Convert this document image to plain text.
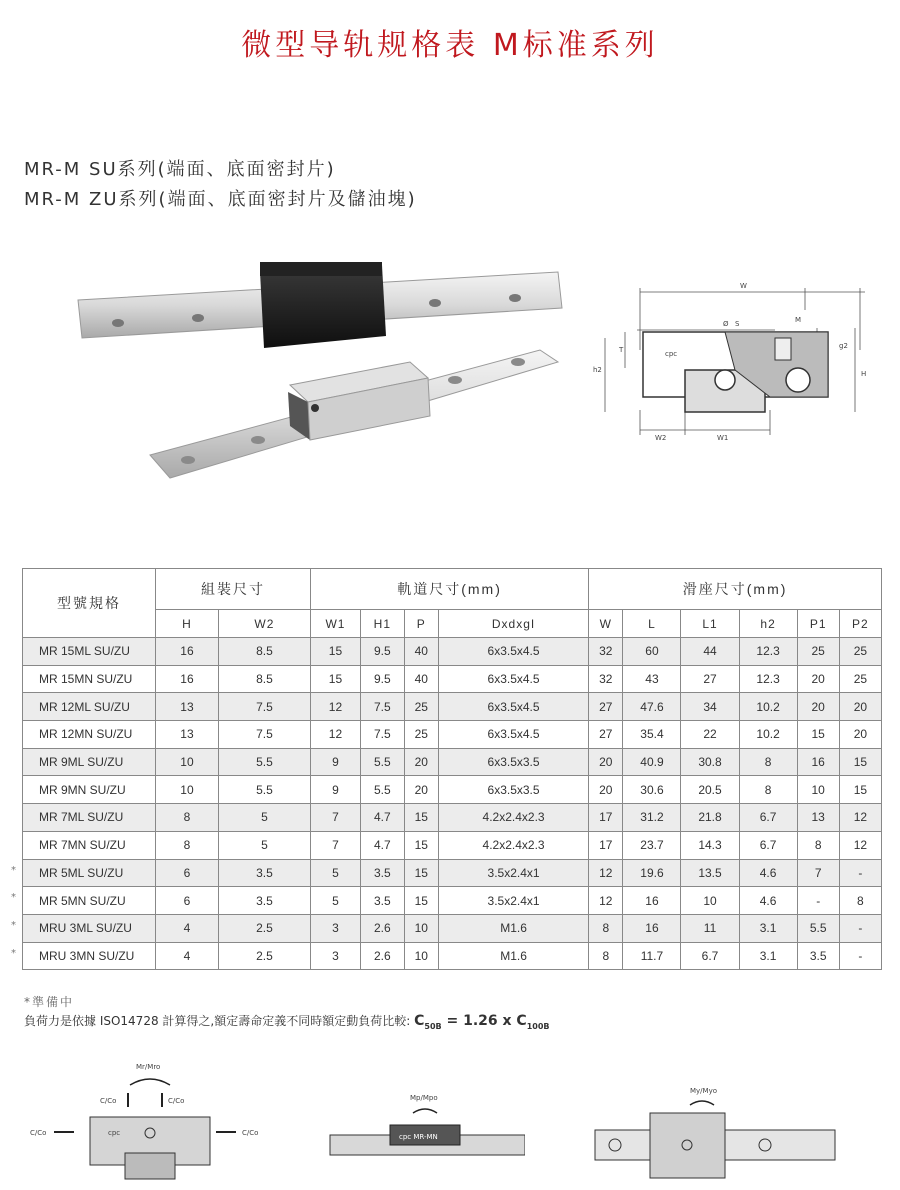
微型导轨规格表 M标准系列
MR-M SU系列(端面、底面密封片)
MR-M ZU系列(端面、底面密封片及儲油塊)
W
Ø S	M
g2
H
h2
T
W2	W1
cpc
型號規格	組裝尺寸		軌道尺寸(mm)				滑座尺寸(mm)					
	H	W2	W1	H1	P	DxdxgI	W	L	L1	h2	P1	P2
MR 15ML SU/ZU	16	8.5	15	9.5	40	6x3.5x4.5	32	60	44	12.3	25	25
MR 15MN SU/ZU	16	8.5	15	9.5	40	6x3.5x4.5	32	43	27	12.3	20	25
MR 12ML SU/ZU	13	7.5	12	7.5	25	6x3.5x4.5	27	47.6	34	10.2	20	20
MR 12MN SU/ZU	13	7.5	12	7.5	25	6x3.5x4.5	27	35.4	22	10.2	15	20
MR 9ML SU/ZU	10	5.5	9	5.5	20	6x3.5x3.5	20	40.9	30.8	8	16	15
MR 9MN SU/ZU	10	5.5	9	5.5	20	6x3.5x3.5	20	30.6	20.5	8	10	15
MR 7ML SU/ZU	8	5	7	4.7	15	4.2x2.4x2.3	17	31.2	21.8	6.7	13	12
MR 7MN SU/ZU	8	5	7	4.7	15	4.2x2.4x2.3	17	23.7	14.3	6.7	8	12
MR 5ML SU/ZU	6	3.5	5	3.5	15	3.5x2.4x1	12	19.6	13.5	4.6	7	-
MR 5MN SU/ZU	6	3.5	5	3.5	15	3.5x2.4x1	12	16	10	4.6	-	8
MRU 3ML SU/ZU	4	2.5	3	2.6	10	M1.6	8	16	11	3.1	5.5	-
MRU 3MN SU/ZU	4	2.5	3	2.6	10	M1.6	8	11.7	6.7	3.1	3.5	-
*
*
*
*
*準備中
負荷力是依據 ISO14728 計算得之,額定壽命定義不同時額定動負荷比較: $C_{50B} = 1.26$ x $C_{100B}$
Mr/Mro
C/Co	C/Co
C/Co	C/Co
cpc
Mp/Mpo
cpc MR-MN
My/Myo
